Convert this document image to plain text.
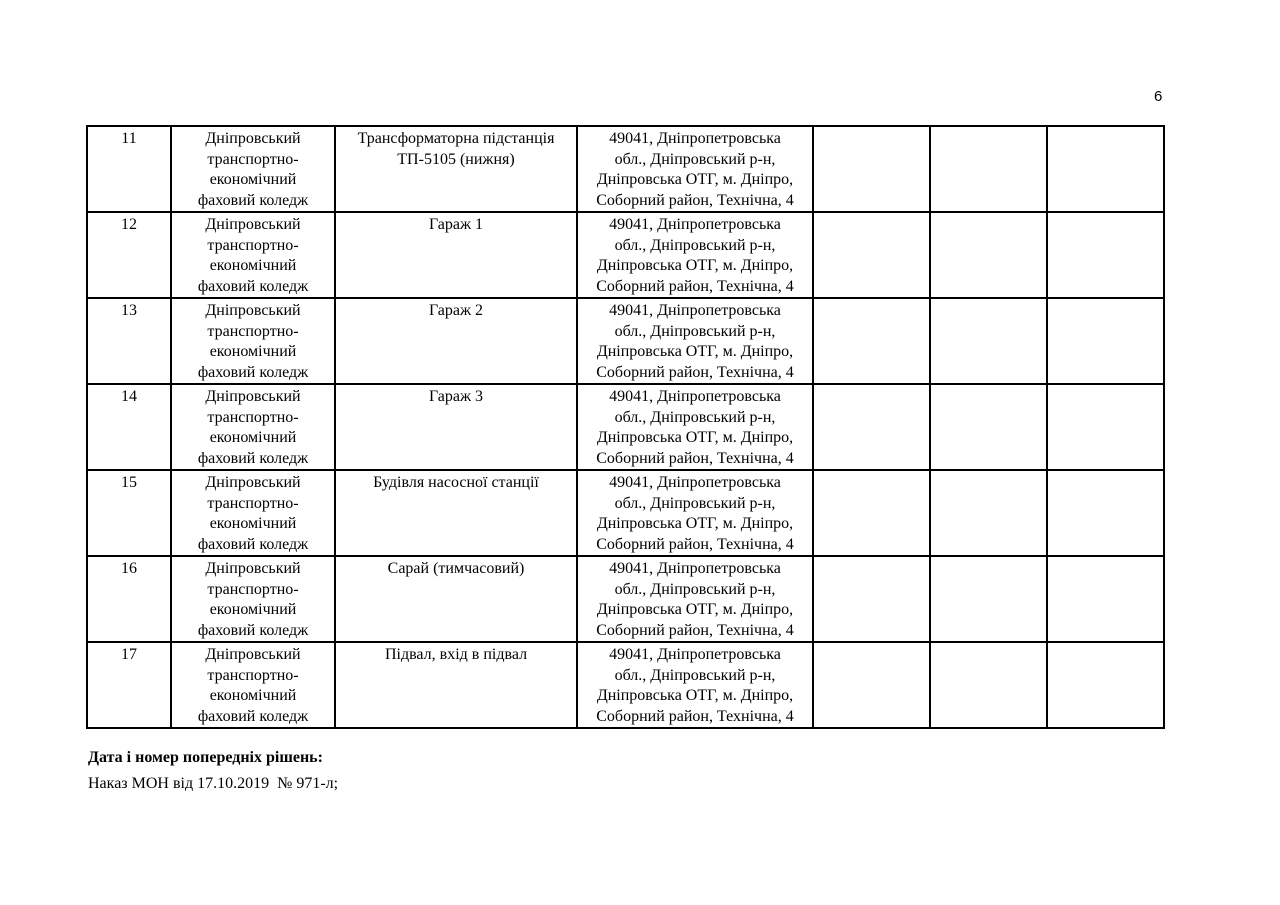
6
11	Дніпровський
транспортно-
економічний
фаховий коледж	Трансформаторна підстанція
ТП-5105 (нижня)	49041, Дніпропетровська
обл., Дніпровський р-н,
Дніпровська ОТГ, м. Дніпро,
Соборний район, Технічна, 4			

12	Дніпровський
транспортно-
економічний
фаховий коледж	Гараж 1	49041, Дніпропетровська
обл., Дніпровський р-н,
Дніпровська ОТГ, м. Дніпро,
Соборний район, Технічна, 4			

13	Дніпровський
транспортно-
економічний
фаховий коледж	Гараж 2	49041, Дніпропетровська
обл., Дніпровський р-н,
Дніпровська ОТГ, м. Дніпро,
Соборний район, Технічна, 4			

14	Дніпровський
транспортно-
економічний
фаховий коледж	Гараж 3	49041, Дніпропетровська
обл., Дніпровський р-н,
Дніпровська ОТГ, м. Дніпро,
Соборний район, Технічна, 4			

15	Дніпровський
транспортно-
економічний
фаховий коледж	Будівля насосної станції	49041, Дніпропетровська
обл., Дніпровський р-н,
Дніпровська ОТГ, м. Дніпро,
Соборний район, Технічна, 4			

16	Дніпровський
транспортно-
економічний
фаховий коледж	Сарай (тимчасовий)	49041, Дніпропетровська
обл., Дніпровський р-н,
Дніпровська ОТГ, м. Дніпро,
Соборний район, Технічна, 4			

17	Дніпровський
транспортно-
економічний
фаховий коледж	Підвал, вхід в підвал	49041, Дніпропетровська
обл., Дніпровський р-н,
Дніпровська ОТГ, м. Дніпро,
Соборний район, Технічна, 4			

Дата і номер попередніх рішень:
Наказ МОН від 17.10.2019  № 971-л;
